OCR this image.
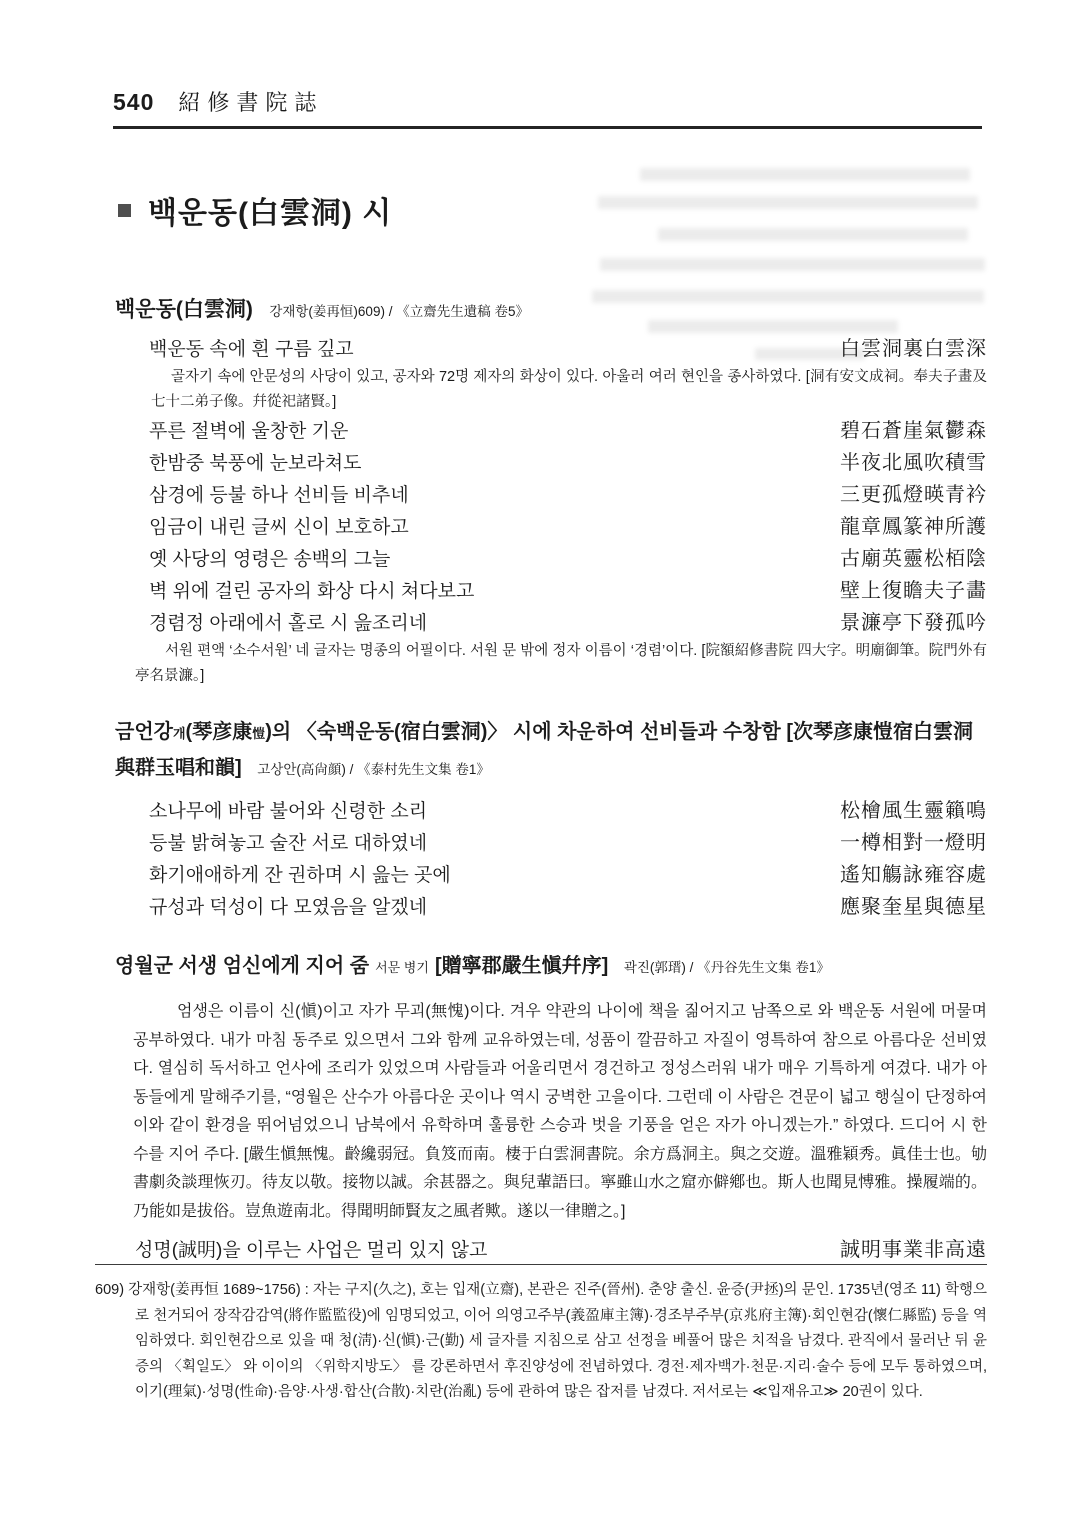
540 紹修書院誌
백운동(白雲洞) 시
백운동(白雲洞) 강재항(姜再恒)609) / 《立齋先生遺稿 卷5》
백운동 속에 흰 구름 깊고	白雲洞裏白雲深

골자기 속에 안문성의 사당이 있고, 공자와 72명 제자의 화상이 있다. 아울러 여러 현인을 종사하였다. [洞有安文成祠。奉夫子畫及七十二弟子像。幷從祀諸賢。]

푸른 절벽에 울창한 기운	碧石蒼崖氣鬱森
한밤중 북풍에 눈보라쳐도	半夜北風吹積雪
삼경에 등불 하나 선비들 비추네	三更孤燈暎青衿
임금이 내린 글씨 신이 보호하고	龍章鳳篆神所護
옛 사당의 영령은 송백의 그늘	古廟英靈松栢陰
벽 위에 걸린 공자의 화상 다시 쳐다보고	壁上復瞻夫子畵
경렴정 아래에서 홀로 시 읊조리네	景濂亭下發孤吟

서원 편액 ‘소수서원’ 네 글자는 명종의 어필이다. 서원 문 밖에 정자 이름이 ‘경렴’이다. [院額紹修書院 四大字。明廟御筆。院門外有亭名景濂。]

금언강개(琴彦康愷)의 〈숙백운동(宿白雲洞)〉 시에 차운하여 선비들과 수창함 [次琴彦康愷宿白雲洞 與群玉唱和韻] 고상안(高尙顔) / 《泰村先生文集 卷1》
소나무에 바람 불어와 신령한 소리	松檜風生靈籟鳴
등불 밝혀놓고 술잔 서로 대하였네	一樽相對一燈明
화기애애하게 잔 권하며 시 읊는 곳에	遙知觴詠雍容處
규성과 덕성이 다 모였음을 알겠네	應聚奎星與德星
영월군 서생 엄신에게 지어 줌 서문 병기 [贈寧郡嚴生愼幷序] 곽진(郭瑨) / 《丹谷先生文集 卷1》

엄생은 이름이 신(愼)이고 자가 무괴(無愧)이다. 겨우 약관의 나이에 책을 짊어지고 남쪽으로 와 백운동 서원에 머물며 공부하였다. 내가 마침 동주로 있으면서 그와 함께 교유하였는데, 성품이 깔끔하고 자질이 영특하여 참으로 아름다운 선비였다. 열심히 독서하고 언사에 조리가 있었으며 사람들과 어울리면서 경건하고 정성스러워 내가 매우 기특하게 여겼다. 내가 아동들에게 말해주기를, “영월은 산수가 아름다운 곳이나 역시 궁벽한 고을이다. 그런데 이 사람은 견문이 넓고 행실이 단정하여 이와 같이 환경을 뛰어넘었으니 남북에서 유학하며 훌륭한 스승과 벗을 기풍을 얻은 자가 아니겠는가.” 하였다. 드디어 시 한 수를 지어 주다. [嚴生愼無愧。齡纔弱冠。負笈而南。棲于白雲洞書院。余方爲洞主。與之交遊。溫雅穎秀。眞佳士也。劬書劇灸談理恢刃。待友以敬。接物以誠。余甚器之。與兒輩語曰。寧雖山水之窟亦僻鄕也。斯人也聞見愽雅。操履端的。乃能如是拔俗。豈魚遊南北。得聞明師賢友之風者歟。遂以一律贈之。]

성명(誠明)을 이루는 사업은 멀리 있지 않고	誠明事業非高遠

609) 강재항(姜再恒 1689~1756) : 자는 구지(久之), 호는 입재(立齋), 본관은 진주(晉州). 춘양 출신. 윤증(尹拯)의 문인. 1735년(영조 11) 학행으로 천거되어 장작감감역(將作監監役)에 임명되었고, 이어 의영고주부(義盈庫主簿)·경조부주부(京兆府主簿)·회인현감(懷仁縣監) 등을 역임하였다. 회인현감으로 있을 때 청(淸)·신(愼)·근(勤) 세 글자를 지침으로 삼고 선정을 베풀어 많은 치적을 남겼다. 관직에서 물러난 뒤 윤증의 〈획일도〉 와 이이의 〈위학지방도〉 를 강론하면서 후진양성에 전념하였다. 경전·제자백가·천문·지리·술수 등에 모두 통하였으며, 이기(理氣)·성명(性命)·음양·사생·합산(合散)·치란(治亂) 등에 관하여 많은 잡저를 남겼다. 저서로는 ≪입재유고≫ 20권이 있다.
